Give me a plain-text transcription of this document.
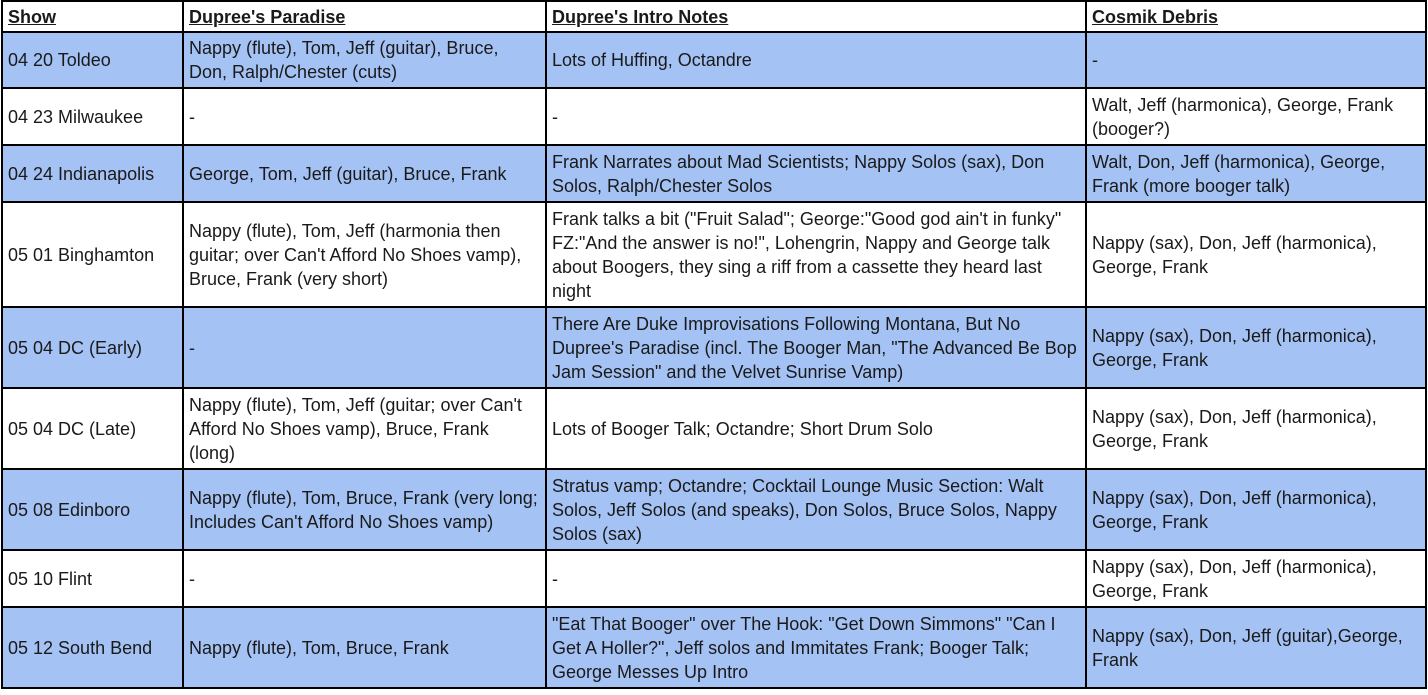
Show	Dupree's Paradise	Dupree's Intro Notes	Cosmik Debris
04 20 Toldeo	Nappy (flute), Tom, Jeff (guitar), Bruce, Don, Ralph/Chester (cuts)	Lots of Huffing, Octandre	-
04 23 Milwaukee	-	-	Walt, Jeff (harmonica), George, Frank (booger?)
04 24 Indianapolis	George, Tom, Jeff (guitar), Bruce, Frank	Frank Narrates about Mad Scientists; Nappy Solos (sax), Don Solos, Ralph/Chester Solos	Walt, Don, Jeff (harmonica), George, Frank (more booger talk)
05 01 Binghamton	Nappy (flute), Tom, Jeff (harmonia then guitar; over Can't Afford No Shoes vamp), Bruce, Frank (very short)	Frank talks a bit ("Fruit Salad"; George:"Good god ain't in funky" FZ:"And the answer is no!", Lohengrin, Nappy and George talk about Boogers, they sing a riff from a cassette they heard last night	Nappy (sax), Don, Jeff (harmonica), George, Frank
05 04 DC (Early)	-	There Are Duke Improvisations Following Montana, But No Dupree's Paradise (incl. The Booger Man, "The Advanced Be Bop Jam Session" and the Velvet Sunrise Vamp)	Nappy (sax), Don, Jeff (harmonica), George, Frank
05 04 DC (Late)	Nappy (flute), Tom, Jeff (guitar; over Can't Afford No Shoes vamp), Bruce, Frank (long)	Lots of Booger Talk; Octandre; Short Drum Solo	Nappy (sax), Don, Jeff (harmonica), George, Frank
05 08 Edinboro	Nappy (flute), Tom, Bruce, Frank (very long; Includes Can't Afford No Shoes vamp)	Stratus vamp; Octandre; Cocktail Lounge Music Section: Walt Solos, Jeff Solos (and speaks), Don Solos, Bruce Solos, Nappy Solos (sax)	Nappy (sax), Don, Jeff (harmonica), George, Frank
05 10 Flint	-	-	Nappy (sax), Don, Jeff (harmonica), George, Frank
05 12 South Bend	Nappy (flute), Tom, Bruce, Frank	"Eat That Booger" over The Hook: "Get Down Simmons" "Can I Get A Holler?", Jeff solos and Immitates Frank; Booger Talk; George Messes Up Intro	Nappy (sax), Don, Jeff (guitar),George, Frank
